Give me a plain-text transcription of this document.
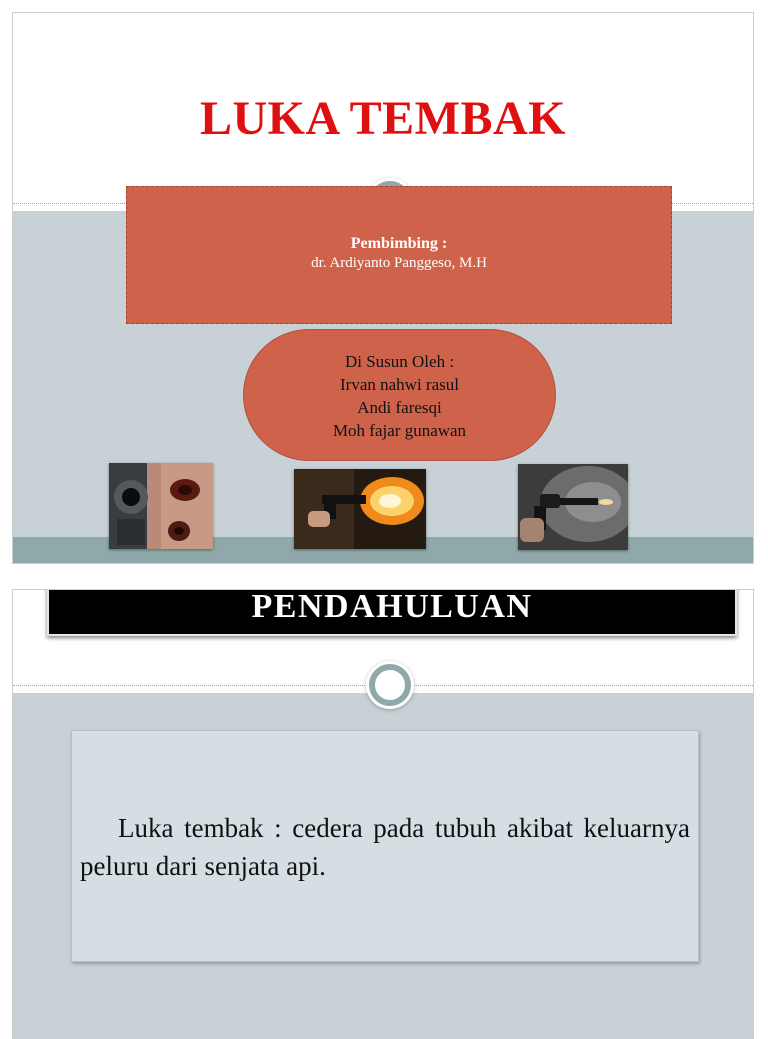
LUKA TEMBAK
Pembimbing :
dr. Ardiyanto Panggeso, M.H
Di Susun Oleh :
Irvan nahwi rasul
Andi faresqi
Moh fajar gunawan
PENDAHULUAN
Luka tembak : cedera pada tubuh akibat keluarnya peluru dari senjata api.
